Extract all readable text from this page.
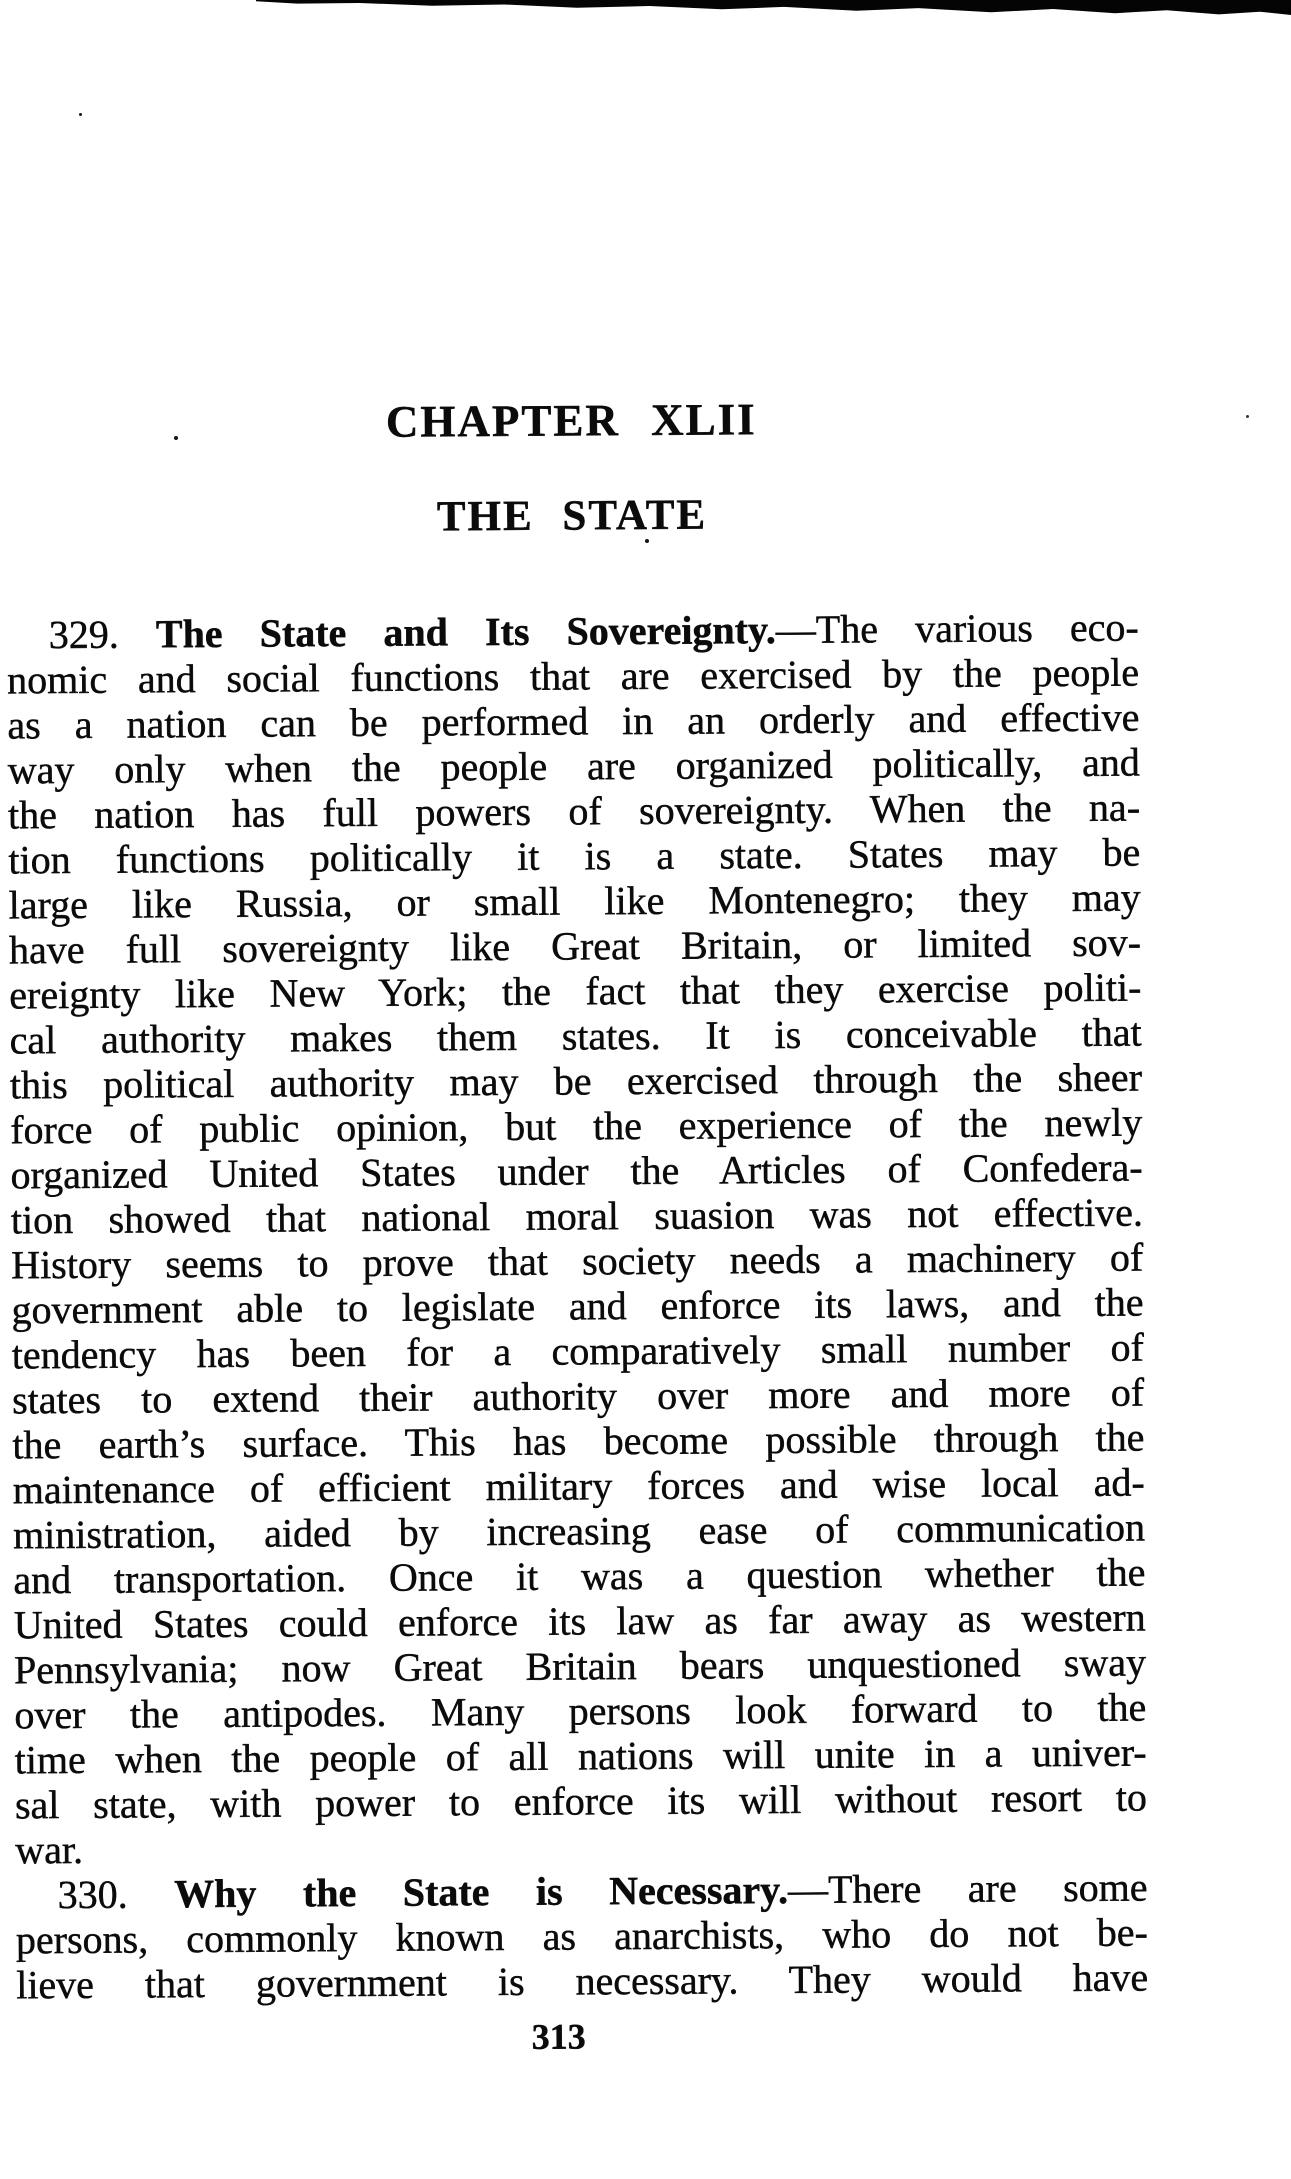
CHAPTER XLII
THE STATE
329. The State and Its Sovereignty.—The various eco-
nomic and social functions that are exercised by the people
as a nation can be performed in an orderly and effective
way only when the people are organized politically, and
the nation has full powers of sovereignty. When the na-
tion functions politically it is a state. States may be
large like Russia, or small like Montenegro; they may
have full sovereignty like Great Britain, or limited sov-
ereignty like New York; the fact that they exercise politi-
cal authority makes them states. It is conceivable that
this political authority may be exercised through the sheer
force of public opinion, but the experience of the newly
organized United States under the Articles of Confedera-
tion showed that national moral suasion was not effective.
History seems to prove that society needs a machinery of
government able to legislate and enforce its laws, and the
tendency has been for a comparatively small number of
states to extend their authority over more and more of
the earth’s surface. This has become possible through the
maintenance of efficient military forces and wise local ad-
ministration, aided by increasing ease of communication
and transportation. Once it was a question whether the
United States could enforce its law as far away as western
Pennsylvania; now Great Britain bears unquestioned sway
over the antipodes. Many persons look forward to the
time when the people of all nations will unite in a univer-
sal state, with power to enforce its will without resort to
war.
330. Why the State is Necessary.—There are some
persons, commonly known as anarchists, who do not be-
lieve that government is necessary. They would have
313
